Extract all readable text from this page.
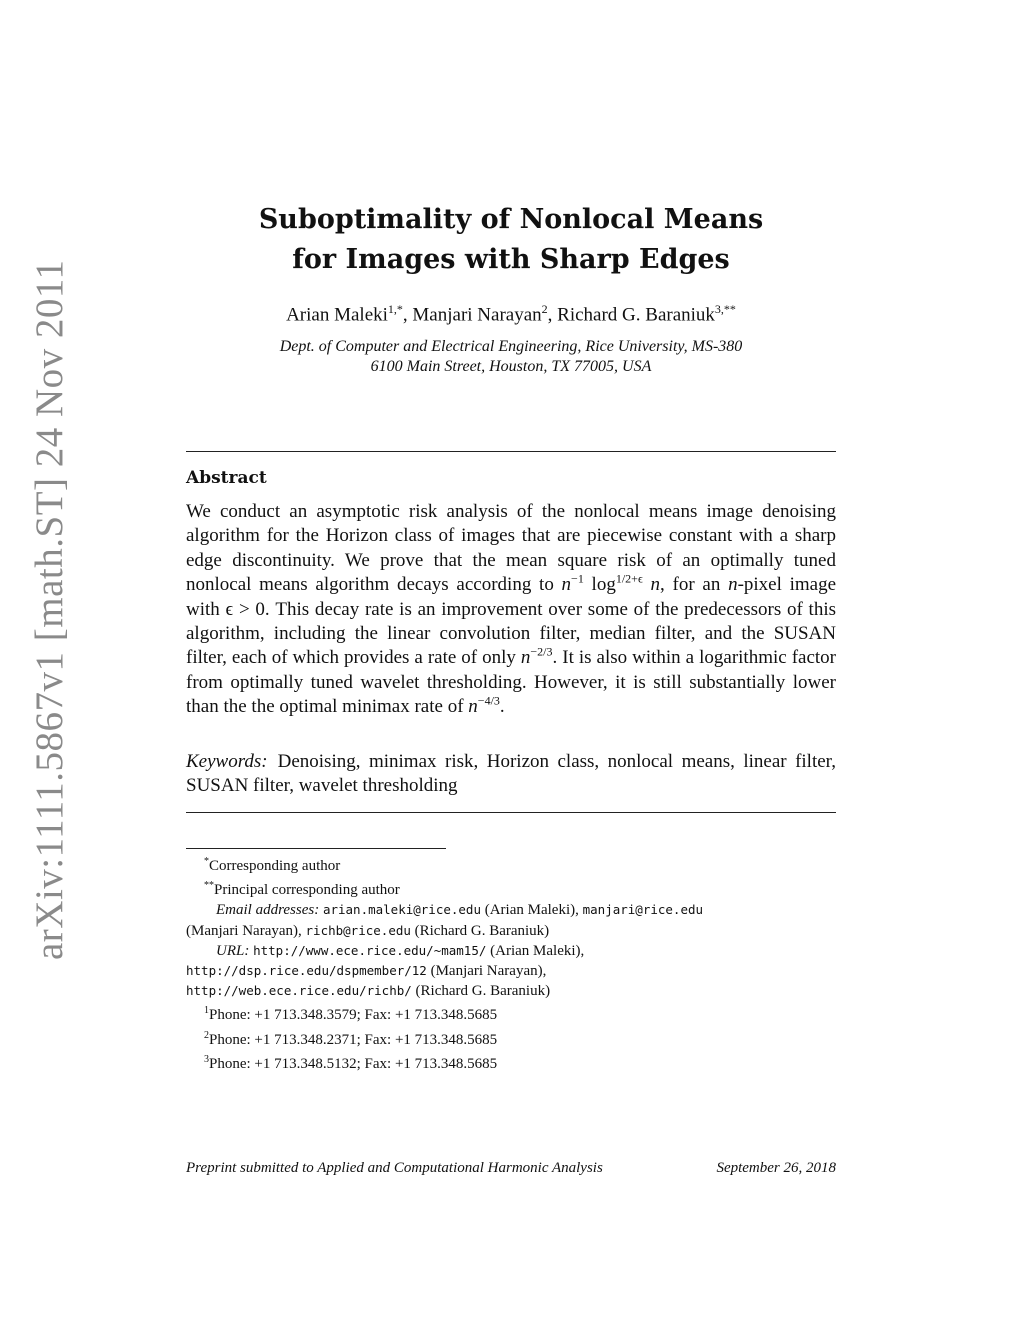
arXiv:1111.5867v1 [math.ST] 24 Nov 2011
Suboptimality of Nonlocal Means
for Images with Sharp Edges
Arian Maleki$^{1,*}$, Manjari Narayan$^2$, Richard G. Baraniuk$^{3,**}$
Dept. of Computer and Electrical Engineering, Rice University, MS-380
6100 Main Street, Houston, TX 77005, USA
Abstract
We conduct an asymptotic risk analysis of the nonlocal means image denoising algorithm for the Horizon class of images that are piecewise constant with a sharp edge discontinuity. We prove that the mean square risk of an optimally tuned nonlocal means algorithm decays according to $n^{-1}$ $\log^{1/2+\epsilon} n$, for an n-pixel image with ϵ > 0. This decay rate is an improvement over some of the predecessors of this algorithm, including the linear convolution filter, median filter, and the SUSAN filter, each of which provides a rate of only $n^{-2/3}$. It is also within a logarithmic factor from optimally tuned wavelet thresholding. However, it is still substantially lower than the the optimal minimax rate of $n^{-4/3}$.
Keywords: Denoising, minimax risk, Horizon class, nonlocal means, linear filter, SUSAN filter, wavelet thresholding
*Corresponding author
**Principal corresponding author
Email addresses: arian.maleki@rice.edu (Arian Maleki), manjari@rice.edu
(Manjari Narayan), richb@rice.edu (Richard G. Baraniuk)
URL: http://www.ece.rice.edu/~mam15/ (Arian Maleki),
http://dsp.rice.edu/dspmember/12 (Manjari Narayan),
http://web.ece.rice.edu/richb/ (Richard G. Baraniuk)
$^1$Phone: +1 713.348.3579; Fax: +1 713.348.5685
$^2$Phone: +1 713.348.2371; Fax: +1 713.348.5685
$^3$Phone: +1 713.348.5132; Fax: +1 713.348.5685
Preprint submitted to Applied and Computational Harmonic Analysis	September 26, 2018
